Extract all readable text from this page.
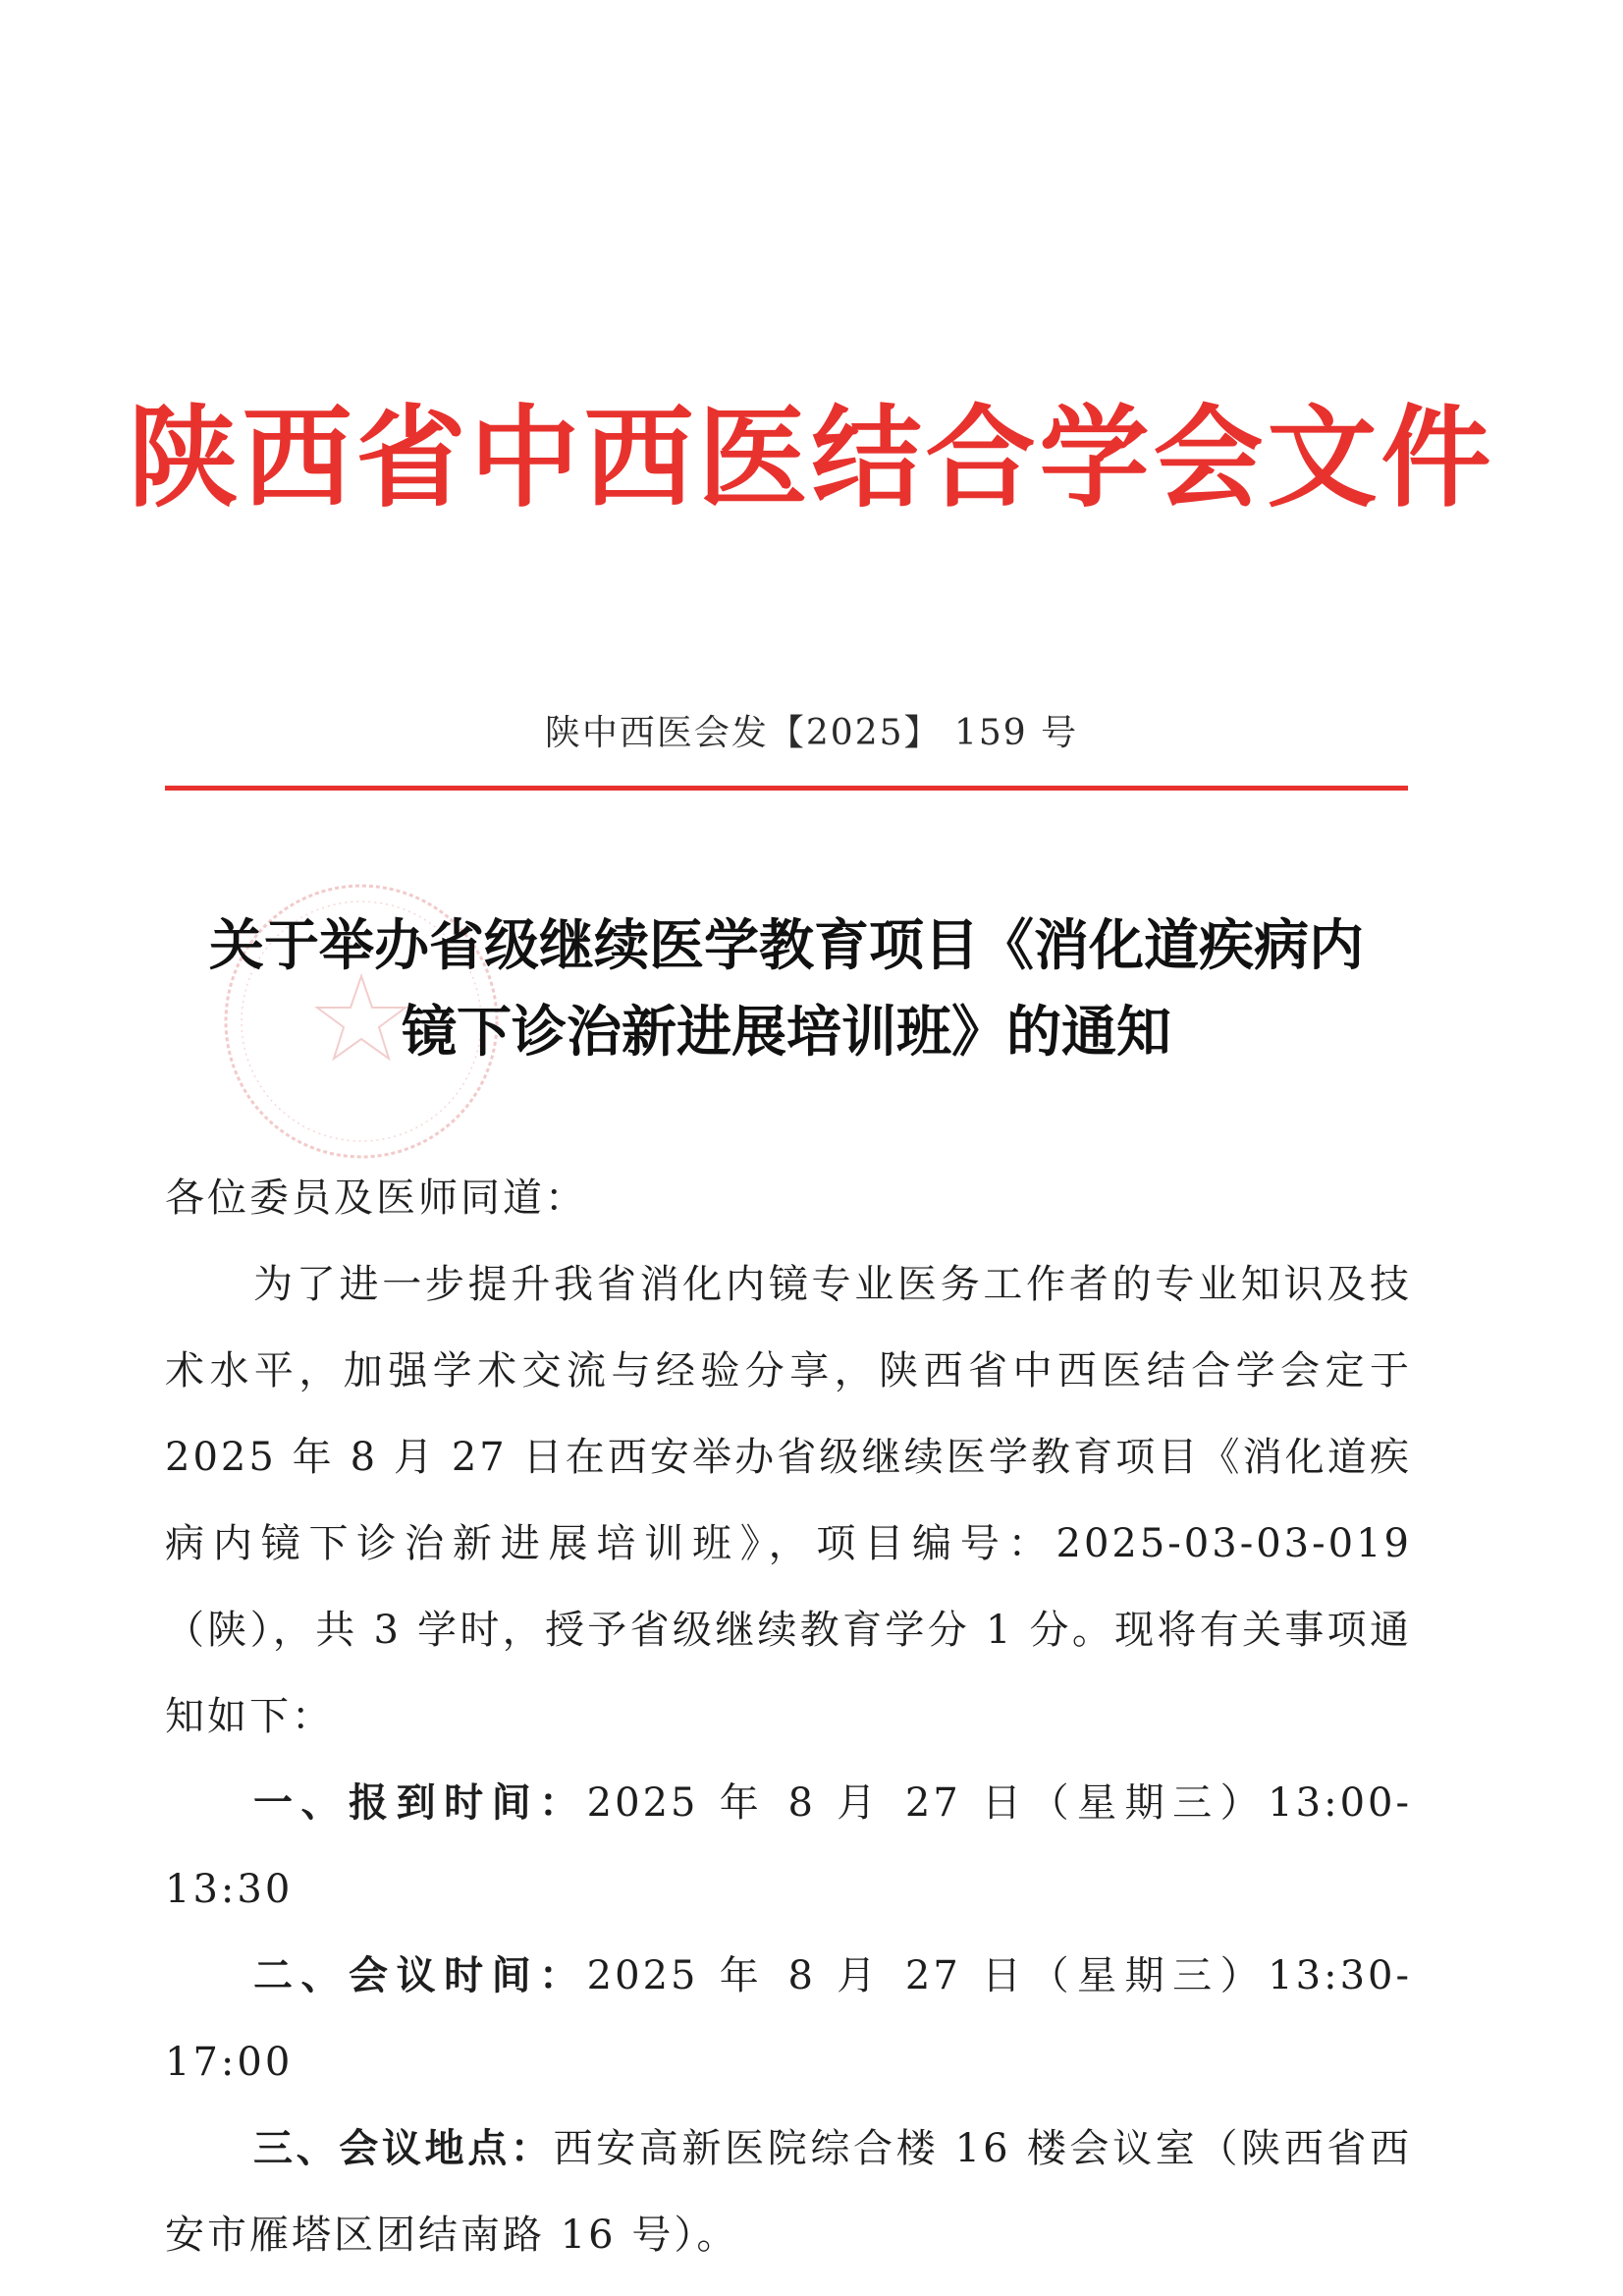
陕西省中西医结合学会文件
陕中西医会发【2025】 159 号
关于举办省级继续医学教育项目《消化道疾病内
镜下诊治新进展培训班》的通知

各位委员及医师同道：

为了进一步提升我省消化内镜专业医务工作者的专业知识及技术水平，加强学术交流与经验分享，陕西省中西医结合学会定于 2025 年 8 月 27 日在西安举办省级继续医学教育项目《消化道疾病内镜下诊治新进展培训班》，项目编号：2025-03-03-019（陕），共 3 学时，授予省级继续教育学分 1 分。现将有关事项通知如下：

一、报到时间：2025 年 8 月 27 日（星期三）13:00-13:30

二、会议时间：2025 年 8 月 27 日（星期三）13:30-17:00

三、会议地点：西安高新医院综合楼 16 楼会议室（陕西省西安市雁塔区团结南路 16 号）。
